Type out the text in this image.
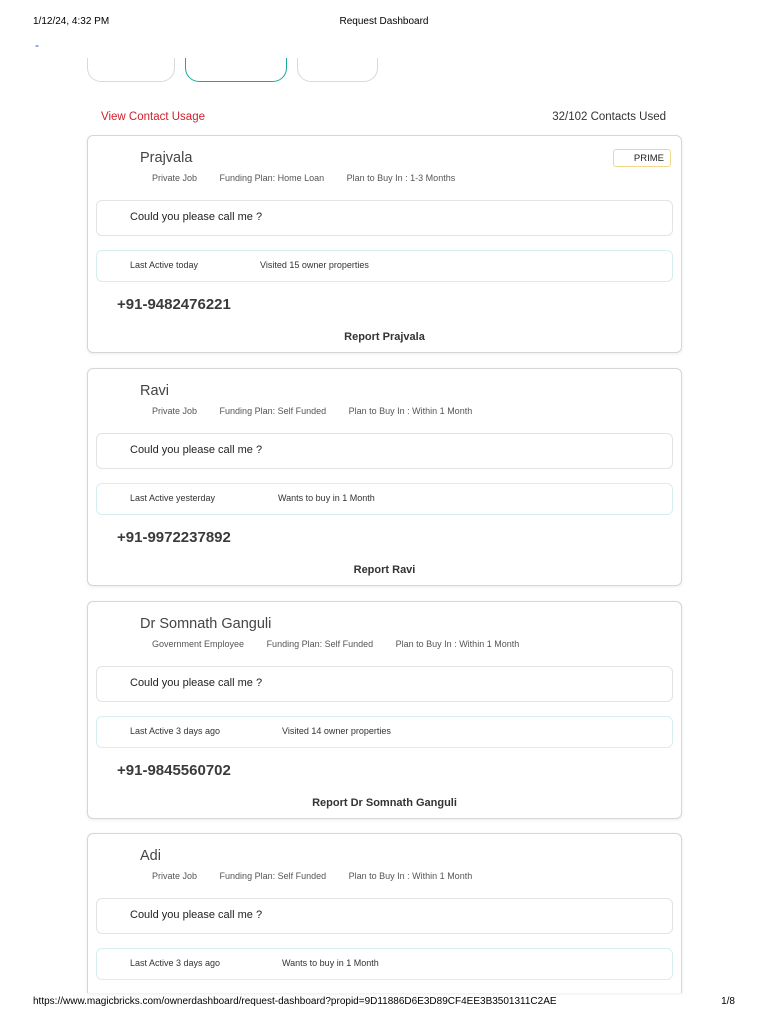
1/12/24, 4:32 PM	Request Dashboard
-
View Contact Usage	32/102 Contacts Used
Prajvala	PRIME
Private Job	Funding Plan: Home Loan	Plan to Buy In : 1-3 Months
Could you please call me ?
Last Active today	Visited 15 owner properties
+91-9482476221
Report Prajvala
Ravi
Private Job	Funding Plan: Self Funded	Plan to Buy In : Within 1 Month
Could you please call me ?
Last Active yesterday	Wants to buy in 1 Month
+91-9972237892
Report Ravi
Dr Somnath Ganguli
Government Employee	Funding Plan: Self Funded	Plan to Buy In : Within 1 Month
Could you please call me ?
Last Active 3 days ago	Visited 14 owner properties
+91-9845560702
Report Dr Somnath Ganguli
Adi
Private Job	Funding Plan: Self Funded	Plan to Buy In : Within 1 Month
Could you please call me ?
Last Active 3 days ago	Wants to buy in 1 Month
https://www.magicbricks.com/ownerdashboard/request-dashboard?propid=9D11886D6E3D89CF4EE3B3501311C2AE	1/8
